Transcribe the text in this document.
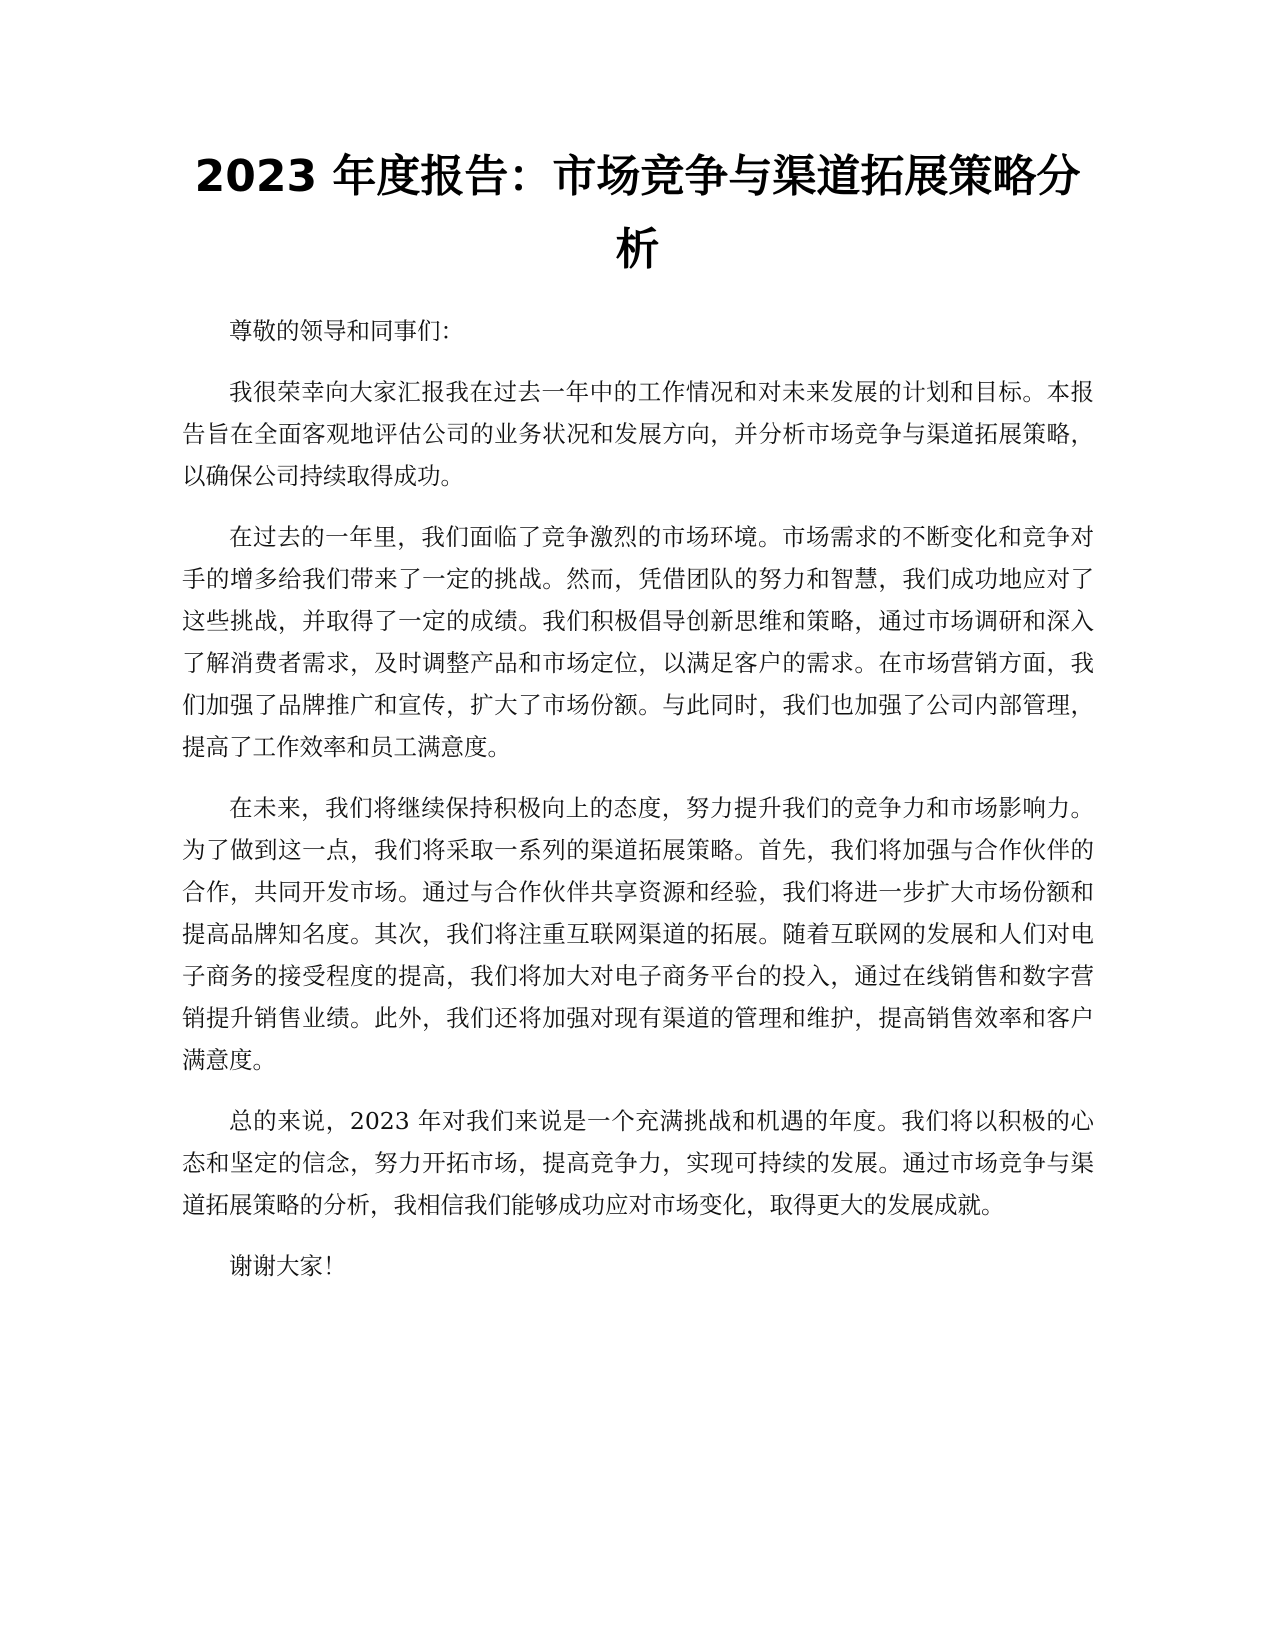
2023 年度报告：市场竞争与渠道拓展策略分析

尊敬的领导和同事们：

我很荣幸向大家汇报我在过去一年中的工作情况和对未来发展的计划和目标。本报告旨在全面客观地评估公司的业务状况和发展方向，并分析市场竞争与渠道拓展策略，以确保公司持续取得成功。

在过去的一年里，我们面临了竞争激烈的市场环境。市场需求的不断变化和竞争对手的增多给我们带来了一定的挑战。然而，凭借团队的努力和智慧，我们成功地应对了这些挑战，并取得了一定的成绩。我们积极倡导创新思维和策略，通过市场调研和深入了解消费者需求，及时调整产品和市场定位，以满足客户的需求。在市场营销方面，我们加强了品牌推广和宣传，扩大了市场份额。与此同时，我们也加强了公司内部管理，提高了工作效率和员工满意度。

在未来，我们将继续保持积极向上的态度，努力提升我们的竞争力和市场影响力。为了做到这一点，我们将采取一系列的渠道拓展策略。首先，我们将加强与合作伙伴的合作，共同开发市场。通过与合作伙伴共享资源和经验，我们将进一步扩大市场份额和提高品牌知名度。其次，我们将注重互联网渠道的拓展。随着互联网的发展和人们对电子商务的接受程度的提高，我们将加大对电子商务平台的投入，通过在线销售和数字营销提升销售业绩。此外，我们还将加强对现有渠道的管理和维护，提高销售效率和客户满意度。

总的来说，2023 年对我们来说是一个充满挑战和机遇的年度。我们将以积极的心态和坚定的信念，努力开拓市场，提高竞争力，实现可持续的发展。通过市场竞争与渠道拓展策略的分析，我相信我们能够成功应对市场变化，取得更大的发展成就。

谢谢大家！
